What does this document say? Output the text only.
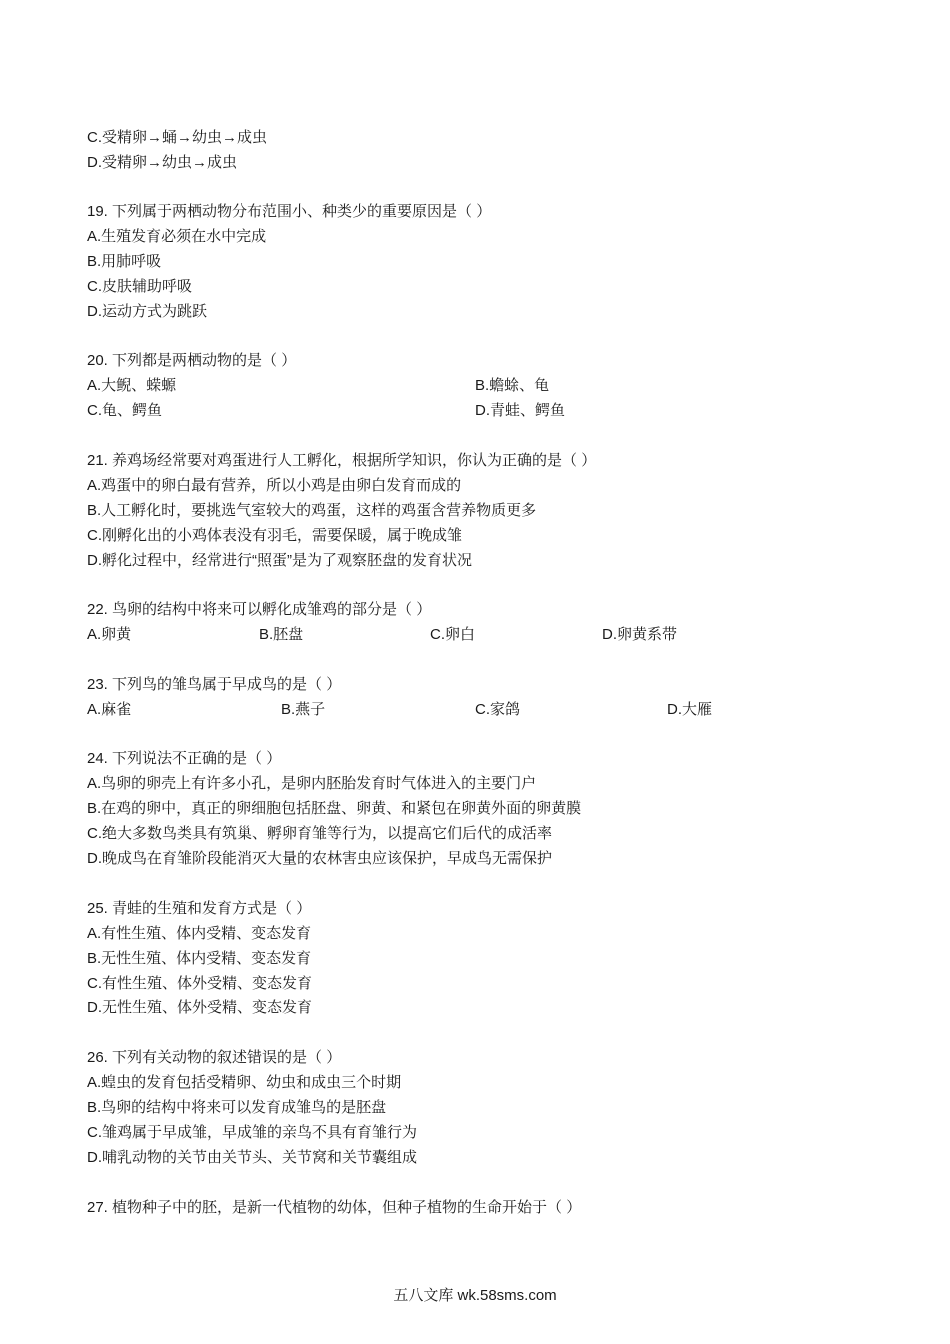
C.受精卵→蛹→幼虫→成虫
D.受精卵→幼虫→成虫
19. 下列属于两栖动物分布范围小、种类少的重要原因是（ ）
A.生殖发育必须在水中完成
B.用肺呼吸
C.皮肤辅助呼吸
D.运动方式为跳跃
20. 下列都是两栖动物的是（ ）
A.大鲵、蝾螈	B.蟾蜍、龟
C.龟、鳄鱼	D.青蛙、鳄鱼
21. 养鸡场经常要对鸡蛋进行人工孵化，根据所学知识，你认为正确的是（ ）
A.鸡蛋中的卵白最有营养，所以小鸡是由卵白发育而成的
B.人工孵化时，要挑选气室较大的鸡蛋，这样的鸡蛋含营养物质更多
C.刚孵化出的小鸡体表没有羽毛，需要保暖，属于晚成雏
D.孵化过程中，经常进行“照蛋”是为了观察胚盘的发育状况
22. 鸟卵的结构中将来可以孵化成雏鸡的部分是（ ）
A.卵黄	B.胚盘	C.卵白	D.卵黄系带
23. 下列鸟的雏鸟属于早成鸟的是（ ）
A.麻雀	B.燕子	C.家鸽	D.大雁
24. 下列说法不正确的是（ ）
A.鸟卵的卵壳上有许多小孔，是卵内胚胎发育时气体进入的主要门户
B.在鸡的卵中，真正的卵细胞包括胚盘、卵黄、和紧包在卵黄外面的卵黄膜
C.绝大多数鸟类具有筑巢、孵卵育雏等行为，以提高它们后代的成活率
D.晚成鸟在育雏阶段能消灭大量的农林害虫应该保护，早成鸟无需保护
25. 青蛙的生殖和发育方式是（ ）
A.有性生殖、体内受精、变态发育
B.无性生殖、体内受精、变态发育
C.有性生殖、体外受精、变态发育
D.无性生殖、体外受精、变态发育
26. 下列有关动物的叙述错误的是（ ）
A.蝗虫的发育包括受精卵、幼虫和成虫三个时期
B.鸟卵的结构中将来可以发育成雏鸟的是胚盘
C.雏鸡属于早成雏，早成雏的亲鸟不具有育雏行为
D.哺乳动物的关节由关节头、关节窝和关节囊组成
27. 植物种子中的胚，是新一代植物的幼体，但种子植物的生命开始于（ ）
五八文库 wk.58sms.com
